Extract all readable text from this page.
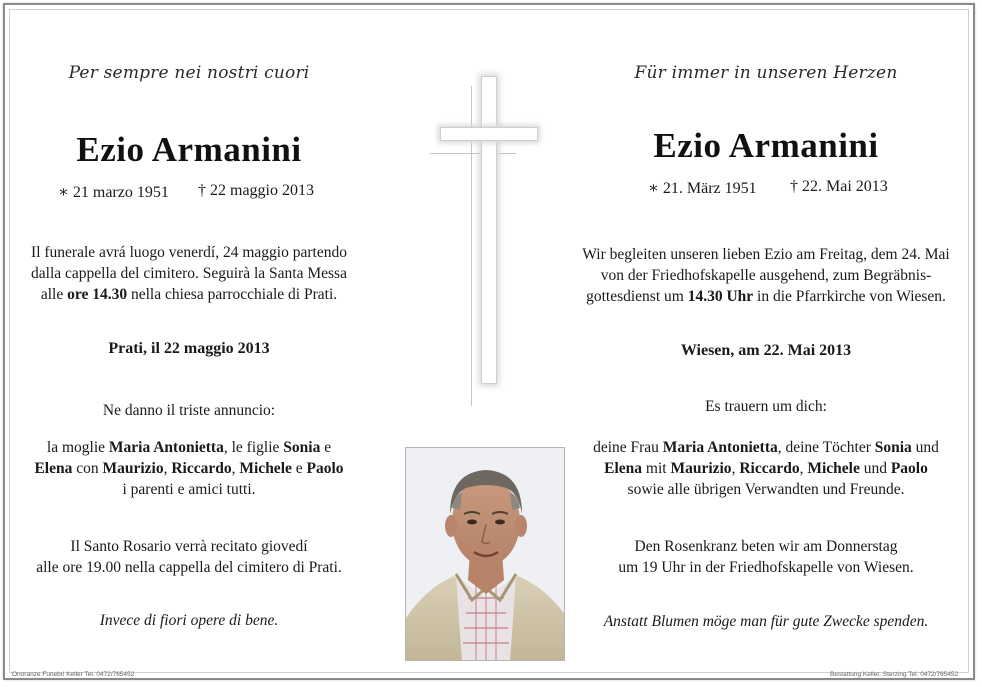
Per sempre nei nostri cuori
Ezio Armanini
∗ 21 marzo 1951 † 22 maggio 2013
Il funerale avrá luogo venerdí, 24 maggio partendo
dalla cappella del cimitero. Seguirà la Santa Messa
alle ore 14.30 nella chiesa parrocchiale di Prati.
Prati, il 22 maggio 2013
Ne danno il triste annuncio:
la moglie Maria Antonietta, le figlie Sonia e
Elena con Maurizio, Riccardo, Michele e Paolo
i parenti e amici tutti.
Il Santo Rosario verrà recitato giovedí
alle ore 19.00 nella cappella del cimitero di Prati.
Invece di fiori opere di bene.
Für immer in unseren Herzen
Ezio Armanini
∗ 21. März 1951 † 22. Mai 2013
Wir begleiten unseren lieben Ezio am Freitag, dem 24. Mai
von der Friedhofskapelle ausgehend, zum Begräbnis-
gottesdienst um 14.30 Uhr in die Pfarrkirche von Wiesen.
Wiesen, am 22. Mai 2013
Es trauern um dich:
deine Frau Maria Antonietta, deine Töchter Sonia und
Elena mit Maurizio, Riccardo, Michele und Paolo
sowie alle übrigen Verwandten und Freunde.
Den Rosenkranz beten wir am Donnerstag
um 19 Uhr in der Friedhofskapelle von Wiesen.
Anstatt Blumen möge man für gute Zwecke spenden.
Onoranze Funebri Keller Tel. 0472/765452	Bestattung Keller, Sterzing Tel. 0472/765452
